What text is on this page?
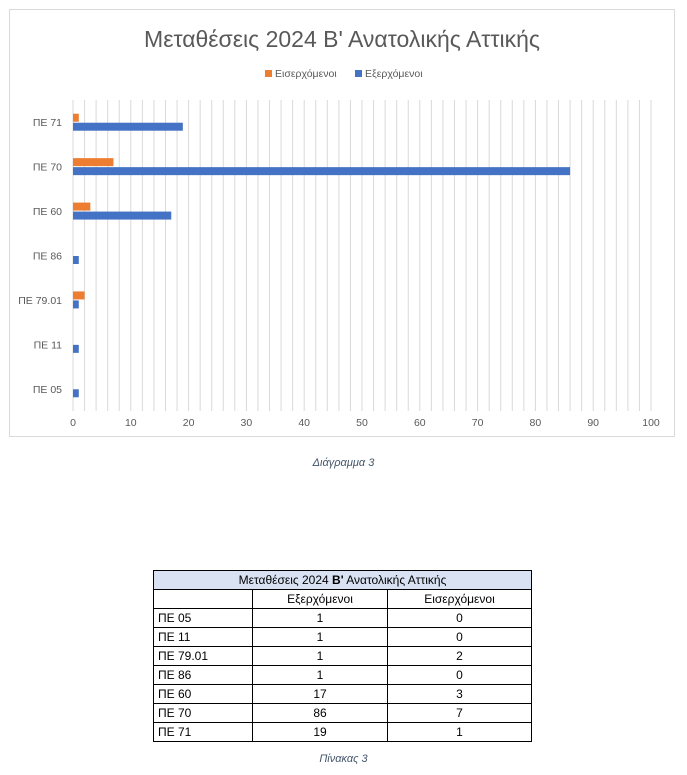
Μεταθέσεις 2024 Β' Ανατολικής Αττικής
Εισερχόμενοι	Εξερχόμενοι
0	10	20	30	40	50	60	70	80	90	100
ΠΕ 71
ΠΕ 70
ΠΕ 60
ΠΕ 86
ΠΕ 79.01
ΠΕ 11
ΠΕ 05
Διάγραμμα 3
Μεταθέσεις 2024 Β' Ανατολικής Αττικής		
	Εξερχόμενοι	Εισερχόμενοι
ΠΕ 05	1	0
ΠΕ 11	1	0
ΠΕ 79.01	1	2
ΠΕ 86	1	0
ΠΕ 60	17	3
ΠΕ 70	86	7
ΠΕ 71	19	1
Πίνακας 3
